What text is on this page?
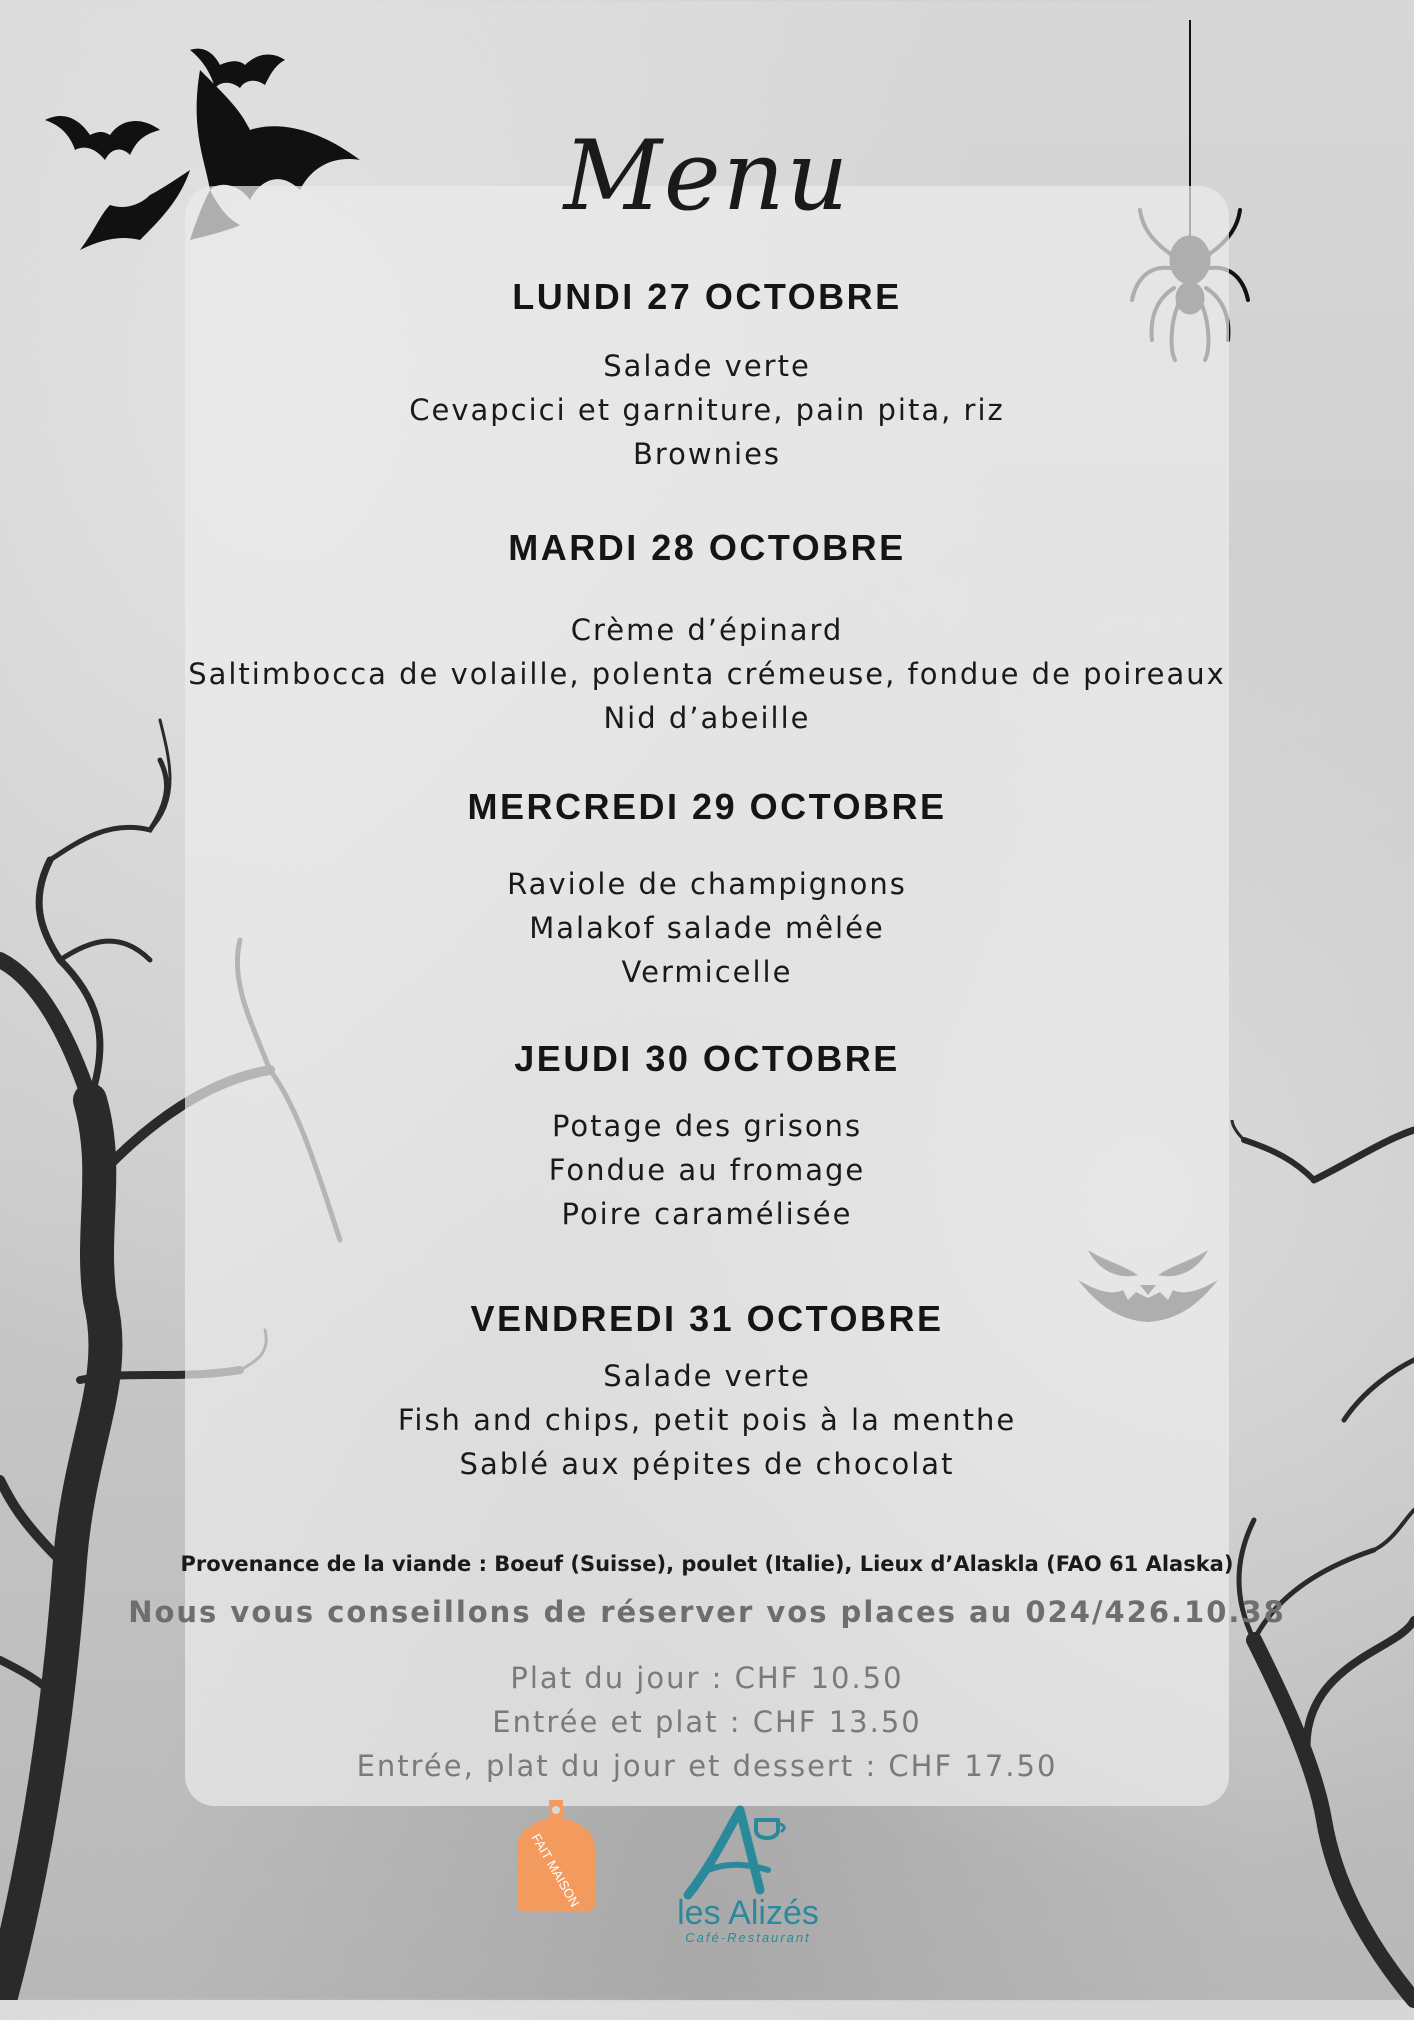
Menu
LUNDI 27 OCTOBRE
Salade verte
Cevapcici et garniture, pain pita, riz
Brownies
MARDI 28 OCTOBRE
Crème d’épinard
Saltimbocca de volaille, polenta crémeuse, fondue de poireaux
Nid d’abeille
MERCREDI 29 OCTOBRE
Raviole de champignons
Malakof salade mêlée
Vermicelle
JEUDI 30 OCTOBRE
Potage des grisons
Fondue au fromage
Poire caramélisée
VENDREDI 31 OCTOBRE
Salade verte
Fish and chips, petit pois à la menthe
Sablé aux pépites de chocolat
Provenance de la viande : Boeuf (Suisse), poulet (Italie), Lieux d’Alaskla (FAO 61 Alaska)
Nous vous conseillons de réserver vos places au 024/426.10.38
Plat du jour : CHF 10.50
Entrée et plat : CHF 13.50
Entrée, plat du jour et dessert : CHF 17.50
FAIT MAISON
les Alizés
Café-Restaurant
